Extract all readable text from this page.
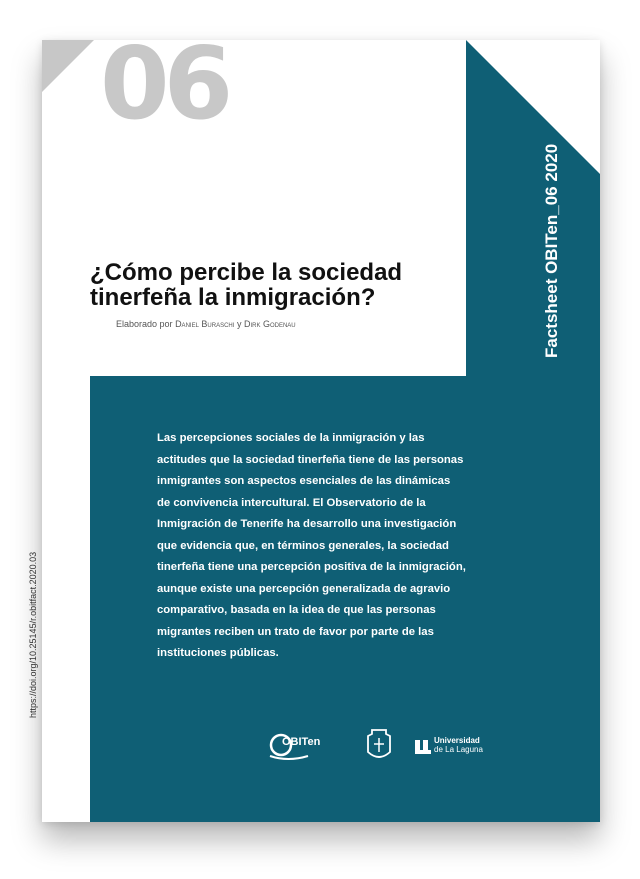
06
Factsheet OBITen_06 2020
¿Cómo percibe la sociedad
tinerfeña la inmigración?
Elaborado por Daniel Buraschi y Dirk Godenau
Las percepciones sociales de la inmigración y las
actitudes que la sociedad tinerfeña tiene de las personas
inmigrantes son aspectos esenciales de las dinámicas
de convivencia intercultural. El Observatorio de la
Inmigración de Tenerife ha desarrollo una investigación
que evidencia que, en términos generales, la sociedad
tinerfeña tiene una percepción positiva de la inmigración,
aunque existe una percepción generalizada de agravio
comparativo, basada en la idea de que las personas
migrantes reciben un trato de favor por parte de las
instituciones públicas.
OBITen	Universidad
de La Laguna
https://doi.org/10.25145/r.obitfact.2020.03
